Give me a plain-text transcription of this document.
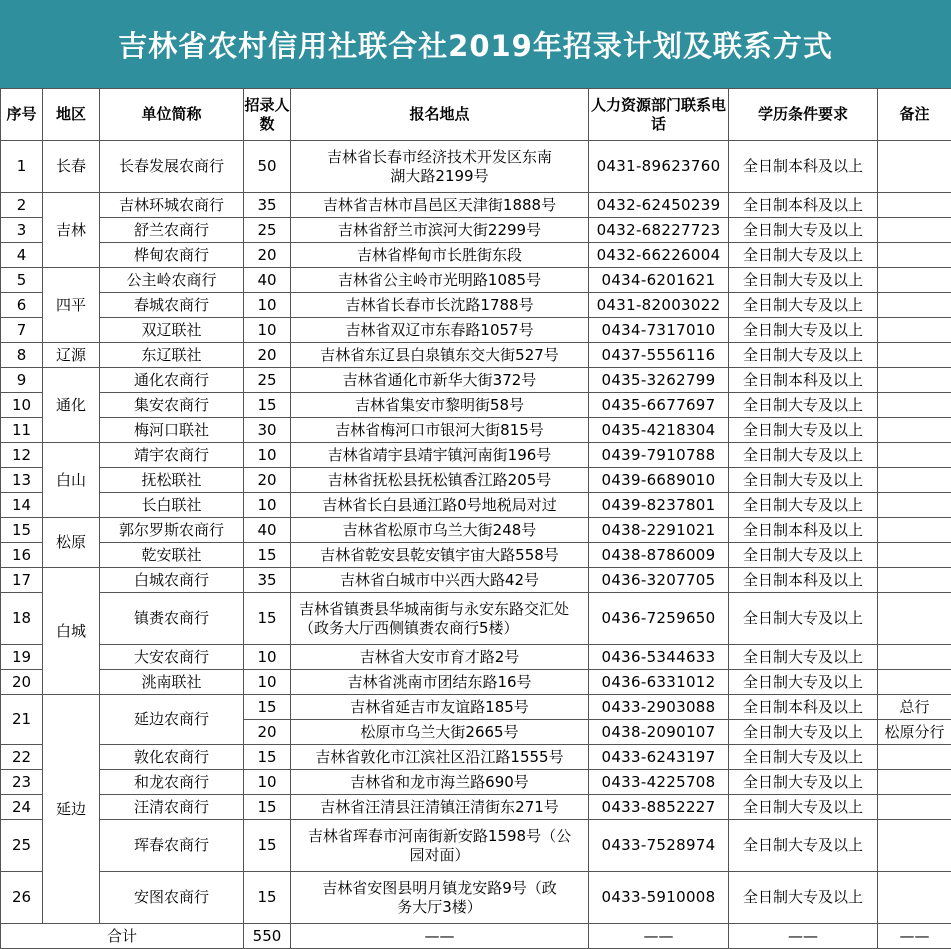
吉林省农村信用社联合社2019年招录计划及联系方式
序号	地区	单位简称	招录人数	报名地点	人力资源部门联系电话	学历条件要求	备注
1	长春	长春发展农商行	50	吉林省长春市经济技术开发区东南湖大路2199号	0431-89623760	全日制本科及以上	
2	吉林	吉林环城农商行	35	吉林省吉林市昌邑区天津街1888号	0432-62450239	全日制本科及以上	
3		舒兰农商行	25	吉林省舒兰市滨河大街2299号	0432-68227723	全日制大专及以上	
4		桦甸农商行	20	吉林省桦甸市长胜街东段	0432-66226004	全日制大专及以上	
5	四平	公主岭农商行	40	吉林省公主岭市光明路1085号	0434-6201621	全日制大专及以上	
6		春城农商行	10	吉林省长春市长沈路1788号	0431-82003022	全日制大专及以上	
7		双辽联社	10	吉林省双辽市东春路1057号	0434-7317010	全日制大专及以上	
8	辽源	东辽联社	20	吉林省东辽县白泉镇东交大街527号	0437-5556116	全日制大专及以上	
9	通化	通化农商行	25	吉林省通化市新华大街372号	0435-3262799	全日制本科及以上	
10		集安农商行	15	吉林省集安市黎明街58号	0435-6677697	全日制大专及以上	
11		梅河口联社	30	吉林省梅河口市银河大街815号	0435-4218304	全日制大专及以上	
12	白山	靖宇农商行	10	吉林省靖宇县靖宇镇河南街196号	0439-7910788	全日制大专及以上	
13		抚松联社	20	吉林省抚松县抚松镇香江路205号	0439-6689010	全日制大专及以上	
14		长白联社	10	吉林省长白县通江路0号地税局对过	0439-8237801	全日制大专及以上	
15	松原	郭尔罗斯农商行	40	吉林省松原市乌兰大街248号	0438-2291021	全日制本科及以上	
16		乾安联社	15	吉林省乾安县乾安镇宇宙大路558号	0438-8786009	全日制大专及以上	
17	白城	白城农商行	35	吉林省白城市中兴西大路42号	0436-3207705	全日制本科及以上	
18		镇赉农商行	15	吉林省镇赉县华城南街与永安东路交汇处（政务大厅西侧镇赉农商行5楼）	0436-7259650	全日制大专及以上	
19		大安农商行	10	吉林省大安市育才路2号	0436-5344633	全日制大专及以上	
20		洮南联社	10	吉林省洮南市团结东路16号	0436-6331012	全日制大专及以上	
21	延边	延边农商行	15	吉林省延吉市友谊路185号	0433-2903088	全日制本科及以上	总行
			20	松原市乌兰大街2665号	0438-2090107	全日制大专及以上	松原分行
22		敦化农商行	15	吉林省敦化市江滨社区沿江路1555号	0433-6243197	全日制大专及以上	
23		和龙农商行	10	吉林省和龙市海兰路690号	0433-4225708	全日制大专及以上	
24		汪清农商行	15	吉林省汪清县汪清镇汪清街东271号	0433-8852227	全日制大专及以上	
25		珲春农商行	15	吉林省珲春市河南街新安路1598号（公园对面）	0433-7528974	全日制大专及以上	
26		安图农商行	15	吉林省安图县明月镇龙安路9号（政务大厅3楼）	0433-5910008	全日制大专及以上	
合计			550	——	——	——	——
